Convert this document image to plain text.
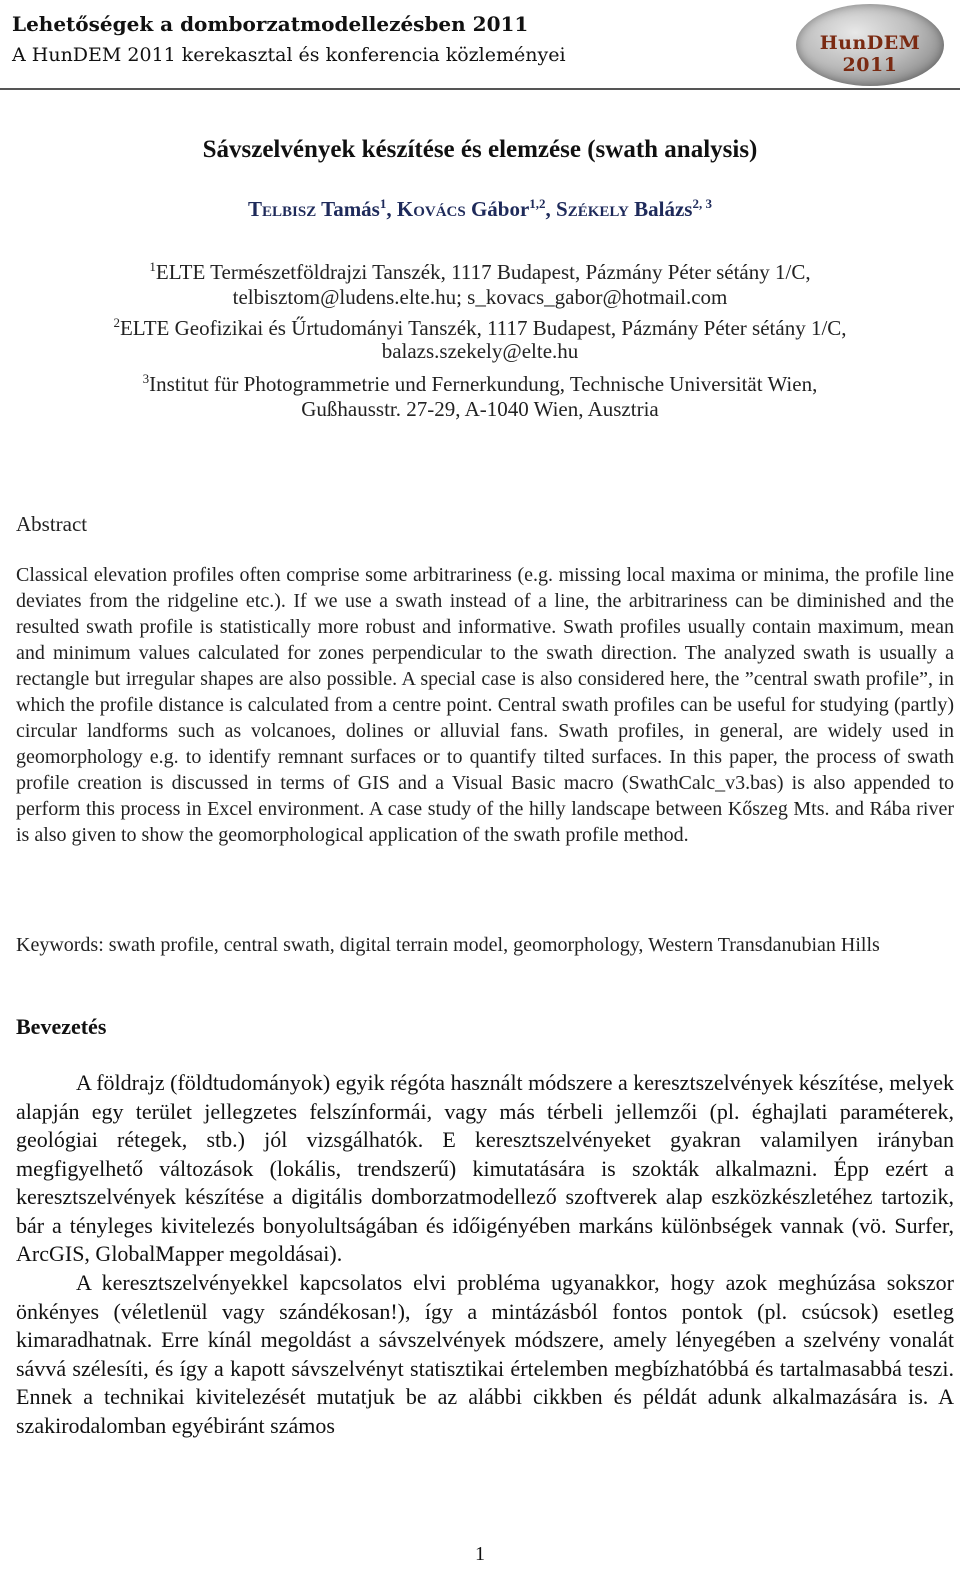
Lehetőségek a domborzatmodellezésben 2011
A HunDEM 2011 kerekasztal és konferencia közleményei
HunDEM 2011
Sávszelvények készítése és elemzése (swath analysis)
Telbisz Tamás$^1$, Kovács Gábor$^{1,2}$, Székely Balázs$^{2, 3}$
$^1$ELTE Természetföldrajzi Tanszék, 1117 Budapest, Pázmány Péter sétány 1/C,
telbisztom@ludens.elte.hu; s_kovacs_gabor@hotmail.com
$^2$ELTE Geofizikai és Űrtudományi Tanszék, 1117 Budapest, Pázmány Péter sétány 1/C,
balazs.szekely@elte.hu
$^3$Institut für Photogrammetrie und Fernerkundung, Technische Universität Wien,
Gußhausstr. 27-29, A-1040 Wien, Ausztria
Abstract
Classical elevation profiles often comprise some arbitrariness (e.g. missing local maxima or minima, the profile line deviates from the ridgeline etc.). If we use a swath instead of a line, the arbitrariness can be diminished and the resulted swath profile is statistically more robust and informative. Swath profiles usually contain maximum, mean and minimum values calculated for zones perpendicular to the swath direction. The analyzed swath is usually a rectangle but irregular shapes are also possible. A special case is also considered here, the ”central swath profile”, in which the profile distance is calculated from a centre point. Central swath profiles can be useful for studying (partly) circular landforms such as volcanoes, dolines or alluvial fans. Swath profiles, in general, are widely used in geomorphology e.g. to identify remnant surfaces or to quantify tilted surfaces. In this paper, the process of swath profile creation is discussed in terms of GIS and a Visual Basic macro (SwathCalc_v3.bas) is also appended to perform this process in Excel environment. A case study of the hilly landscape between Kőszeg Mts. and Rába river is also given to show the geomorphological application of the swath profile method.
Keywords: swath profile, central swath, digital terrain model, geomorphology, Western Transdanubian Hills
Bevezetés
A földrajz (földtudományok) egyik régóta használt módszere a keresztszelvények készítése, melyek alapján egy terület jellegzetes felszínformái, vagy más térbeli jellemzői (pl. éghajlati paraméterek, geológiai rétegek, stb.) jól vizsgálhatók. E keresztszelvényeket gyakran valamilyen irányban megfigyelhető változások (lokális, trendszerű) kimutatására is szokták alkalmazni. Épp ezért a keresztszelvények készítése a digitális domborzatmodellező szoftverek alap eszközkészletéhez tartozik, bár a tényleges kivitelezés bonyolultságában és időigényében markáns különbségek vannak (vö. Surfer, ArcGIS, GlobalMapper megoldásai).
A keresztszelvényekkel kapcsolatos elvi probléma ugyanakkor, hogy azok meghúzása sokszor önkényes (véletlenül vagy szándékosan!), így a mintázásból fontos pontok (pl. csúcsok) esetleg kimaradhatnak. Erre kínál megoldást a sávszelvények módszere, amely lényegében a szelvény vonalát sávvá szélesíti, és így a kapott sávszelvényt statisztikai értelemben megbízhatóbbá és tartalmasabbá teszi. Ennek a technikai kivitelezését mutatjuk be az alábbi cikkben és példát adunk alkalmazására is. A szakirodalomban egyébiránt számos
1
